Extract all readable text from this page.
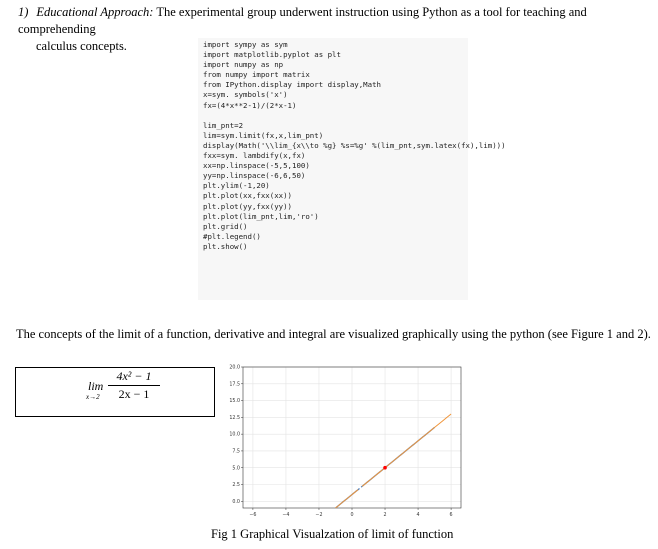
1) Educational Approach: The experimental group underwent instruction using Python as a tool for teaching and comprehending
calculus concepts.	import sympy as sym
import matplotlib.pyplot as plt
import numpy as np
from numpy import matrix
from IPython.display import display,Math
x=sym. symbols('x')
fx=(4*x**2-1)/(2*x-1)
lim_pnt=2
lim=sym.limit(fx,x,lim_pnt)
display(Math('\\lim_{x\\to %g} %s=%g' %(lim_pnt,sym.latex(fx),lim)))
fxx=sym. lambdify(x,fx)
xx=np.linspace(-5,5,100)
yy=np.linspace(-6,6,50)
plt.ylim(-1,20)
plt.plot(xx,fxx(xx))
plt.plot(yy,fxx(yy))
plt.plot(lim_pnt,lim,'ro')
plt.grid()
#plt.legend()
plt.show()
The concepts of the limit of a function, derivative and integral are visualized graphically using the python (see Figure 1 and 2).
lim
$x\to 2 \frac{\text{4x² − 1}}{2x - 1}$
−6	−4	−2	0	2	4	6
0.0
2.5
5.0
7.5
10.0
12.5
15.0
17.5
20.0
Fig 1 Graphical Visualzation of limit of function
